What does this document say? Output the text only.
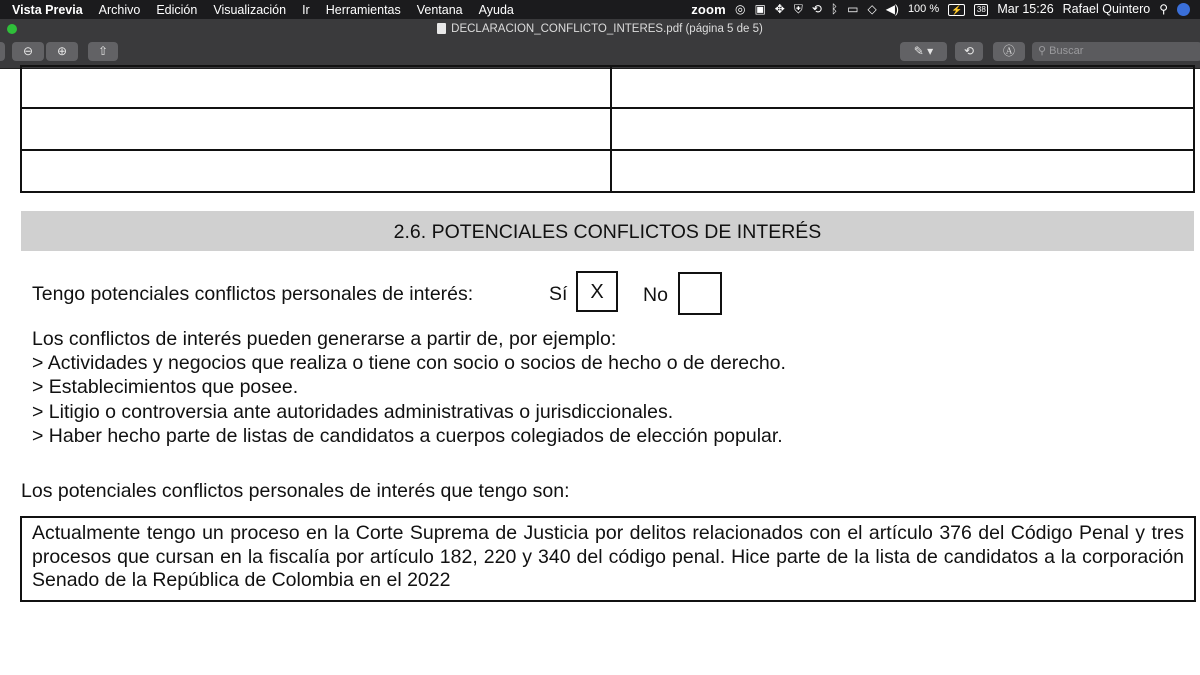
Vista Previa	Archivo	Edición	Visualización	Ir	Herramientas	Ventana	Ayuda	zoom ◎ ▣ ✥ ⛨ ⟲ ᛒ ▭ ◇ ◀) 100 %	⚡	38 Mar 15:26 Rafael Quintero ⚲
DECLARACION_CONFLICTO_INTERES.pdf (página 5 de 5)
⊖	⊕	⇧	✎ ▾	⟲	Ⓐ	⚲ Buscar

2.6. POTENCIALES CONFLICTOS DE INTERÉS
Tengo potenciales conflictos personales de interés:	Sí	X	No
Los conflictos de interés pueden generarse a partir de, por ejemplo:
> Actividades y negocios que realiza o tiene con socio o socios de hecho o de derecho.
> Establecimientos que posee.
> Litigio o controversia ante autoridades administrativas o jurisdiccionales.
> Haber hecho parte de listas de candidatos a cuerpos colegiados de elección popular.
Los potenciales conflictos personales de interés que tengo son:
Actualmente tengo un proceso en la Corte Suprema de Justicia por delitos relacionados con el artículo 376 del Código Penal y tres procesos que cursan en la fiscalía por artículo 182, 220 y 340 del código penal. Hice parte de la lista de candidatos a la corporación Senado de la República de Colombia en el 2022
